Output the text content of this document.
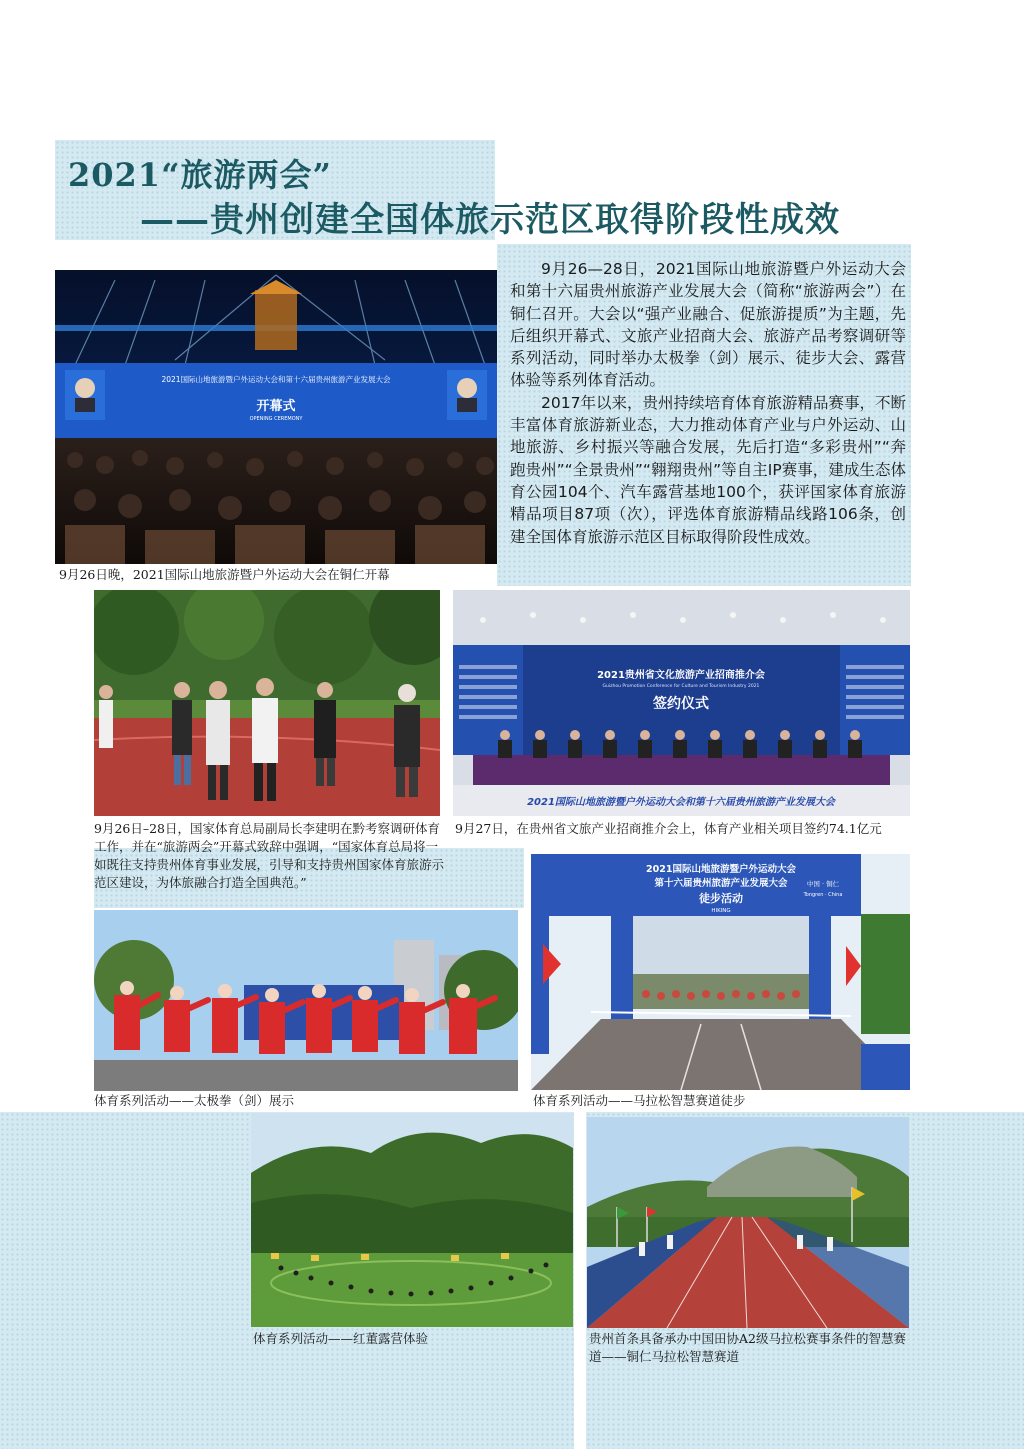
2021“旅游两会”
——贵州创建全国体旅示范区取得阶段性成效

9月26—28日，2021国际山地旅游暨户外运动大会和第十六届贵州旅游产业发展大会（简称“旅游两会”）在铜仁召开。大会以“强产业融合、促旅游提质”为主题，先后组织开幕式、文旅产业招商大会、旅游产品考察调研等系列活动，同时举办太极拳（剑）展示、徒步大会、露营体验等系列体育活动。

2017年以来，贵州持续培育体育旅游精品赛事，不断丰富体育旅游新业态，大力推动体育产业与户外运动、山地旅游、乡村振兴等融合发展，先后打造“多彩贵州”“奔跑贵州”“全景贵州”“翱翔贵州”等自主IP赛事，建成生态体育公园104个、汽车露营基地100个，获评国家体育旅游精品项目87项（次），评选体育旅游精品线路106条，创建全国体育旅游示范区目标取得阶段性成效。

2021国际山地旅游暨户外运动大会和第十六届贵州旅游产业发展大会
开幕式
OPENING CEREMONY
9月26日晚，2021国际山地旅游暨户外运动大会在铜仁开幕
9月26日–28日，国家体育总局副局长李建明在黔考察调研体育工作，并在“旅游两会”开幕式致辞中强调，“国家体育总局将一如既往支持贵州体育事业发展，引导和支持贵州国家体育旅游示范区建设，为体旅融合打造全国典范。”
2021贵州省文化旅游产业招商推介会
Guizhou Promotion Conference for Culture and Tourism Industry 2021
签约仪式
2021国际山地旅游暨户外运动大会和第十六届贵州旅游产业发展大会
9月27日，在贵州省文旅产业招商推介会上，体育产业相关项目签约74.1亿元
2021国际山地旅游暨户外运动大会
第十六届贵州旅游产业发展大会
徒步活动
HIKING
中国 · 铜仁
Tongren · China
体育系列活动——马拉松智慧赛道徒步
体育系列活动——太极拳（剑）展示
体育系列活动——红董露营体验	贵州首条具备承办中国田协A2级马拉松赛事条件的智慧赛道——铜仁马拉松智慧赛道
